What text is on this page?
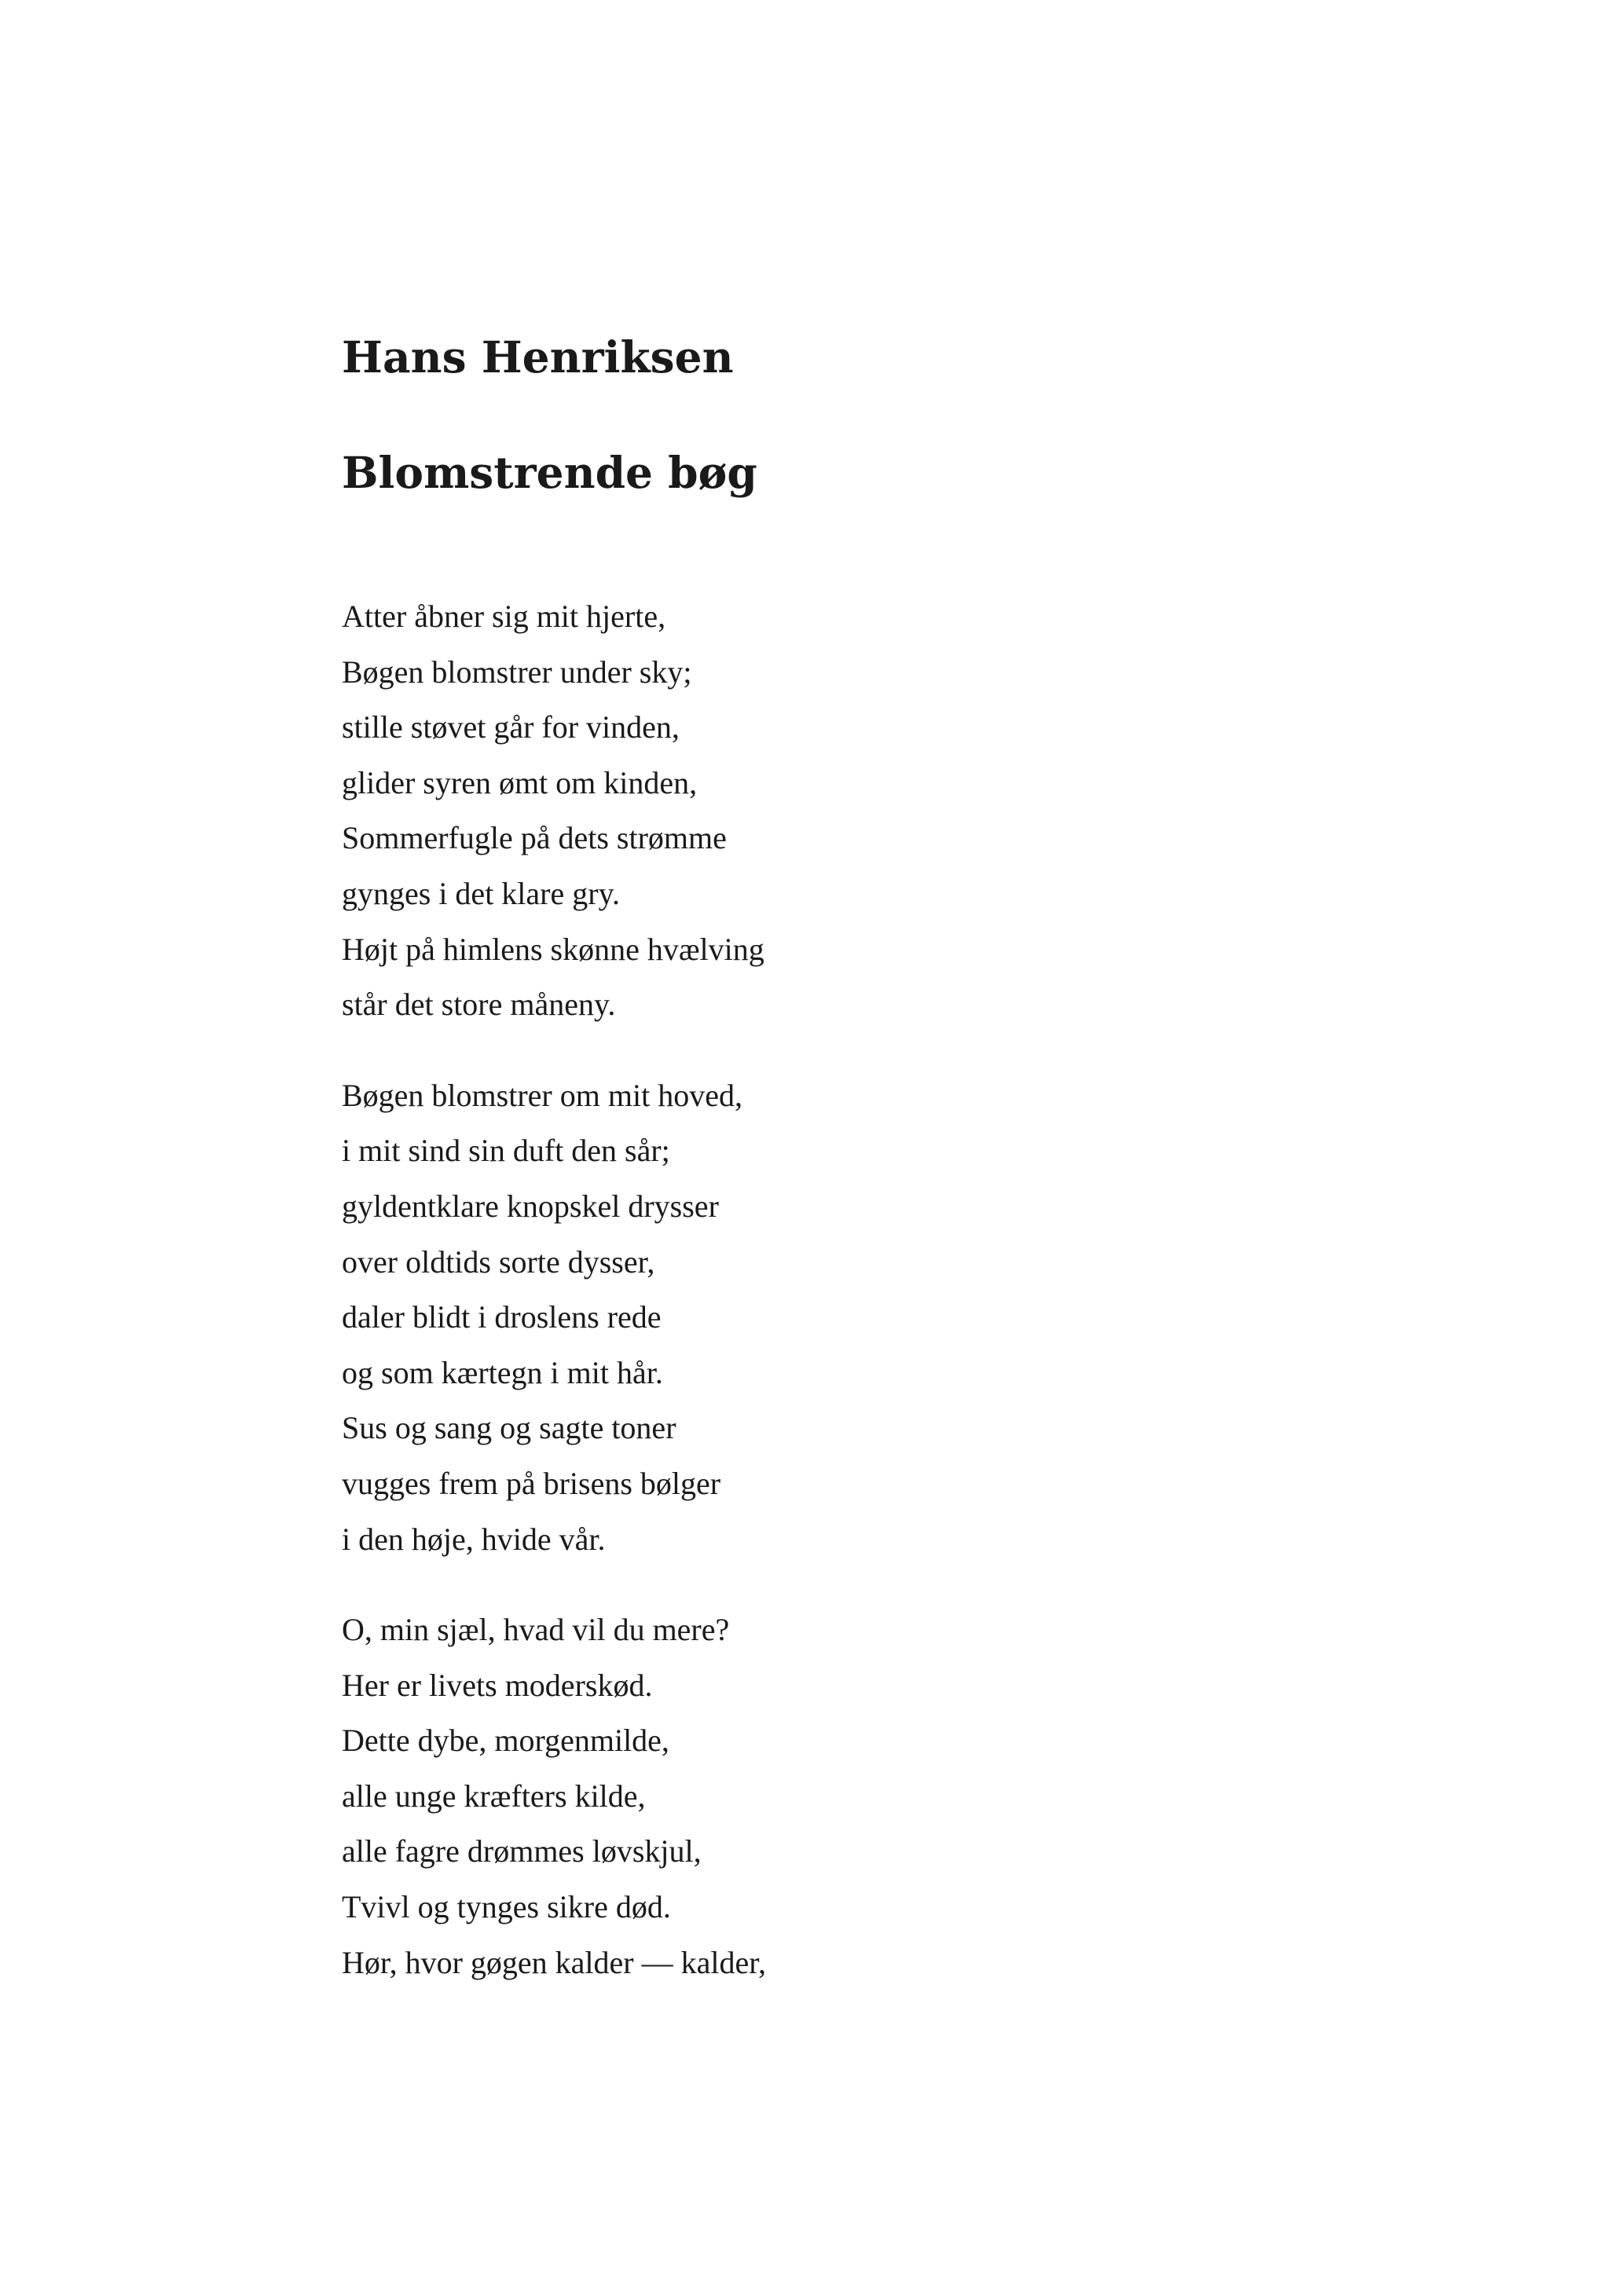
Hans Henriksen
Blomstrende bøg
Atter åbner sig mit hjerte,
Bøgen blomstrer under sky;
stille støvet går for vinden,
glider syren ømt om kinden,
Sommerfugle på dets strømme
gynges i det klare gry.
Højt på himlens skønne hvælving
står det store måneny.
Bøgen blomstrer om mit hoved,
i mit sind sin duft den sår;
gyldentklare knopskel drysser
over oldtids sorte dysser,
daler blidt i droslens rede
og som kærtegn i mit hår.
Sus og sang og sagte toner
vugges frem på brisens bølger
i den høje, hvide vår.
O, min sjæl, hvad vil du mere?
Her er livets moderskød.
Dette dybe, morgenmilde,
alle unge kræfters kilde,
alle fagre drømmes løvskjul,
Tvivl og tynges sikre død.
Hør, hvor gøgen kalder — kalder,
